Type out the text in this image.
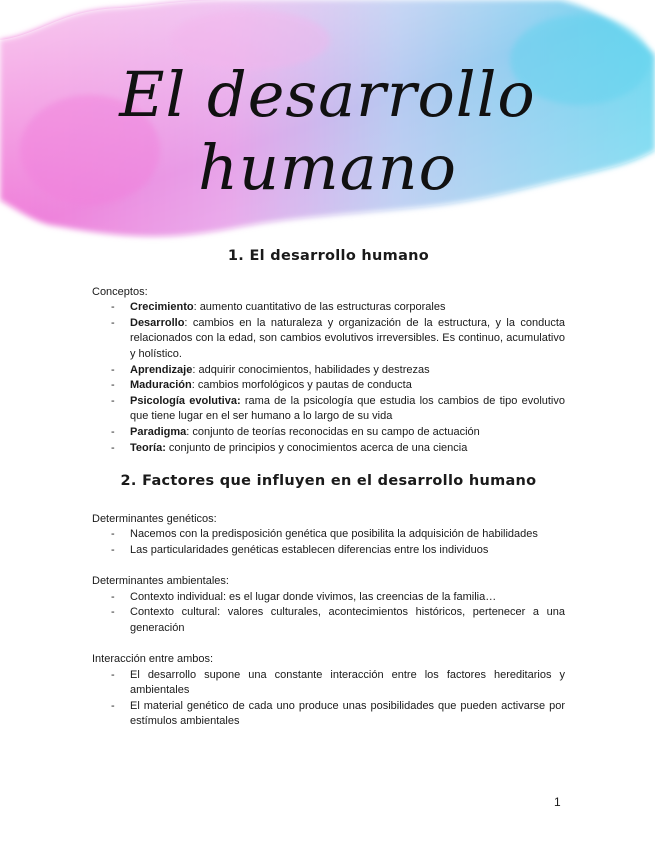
El desarrollo humano
1. El desarrollo humano

Conceptos:

- Crecimiento: aumento cuantitativo de las estructuras corporales
- Desarrollo: cambios en la naturaleza y organización de la estructura, y la conducta relacionados con la edad, son cambios evolutivos irreversibles. Es continuo, acumulativo y holístico.
- Aprendizaje: adquirir conocimientos, habilidades y destrezas
- Maduración: cambios morfológicos y pautas de conducta
- Psicología evolutiva: rama de la psicología que estudia los cambios de tipo evolutivo que tiene lugar en el ser humano a lo largo de su vida
- Paradigma: conjunto de teorías reconocidas en su campo de actuación
- Teoría: conjunto de principios y conocimientos acerca de una ciencia
2. Factores que influyen en el desarrollo humano

Determinantes genéticos:

- Nacemos con la predisposición genética que posibilita la adquisición de habilidades
- Las particularidades genéticas establecen diferencias entre los individuos

Determinantes ambientales:

- Contexto individual: es el lugar donde vivimos, las creencias de la familia…
- Contexto cultural: valores culturales, acontecimientos históricos, pertenecer a una generación

Interacción entre ambos:

- El desarrollo supone una constante interacción entre los factores hereditarios y ambientales
- El material genético de cada uno produce unas posibilidades que pueden activarse por estímulos ambientales
1
